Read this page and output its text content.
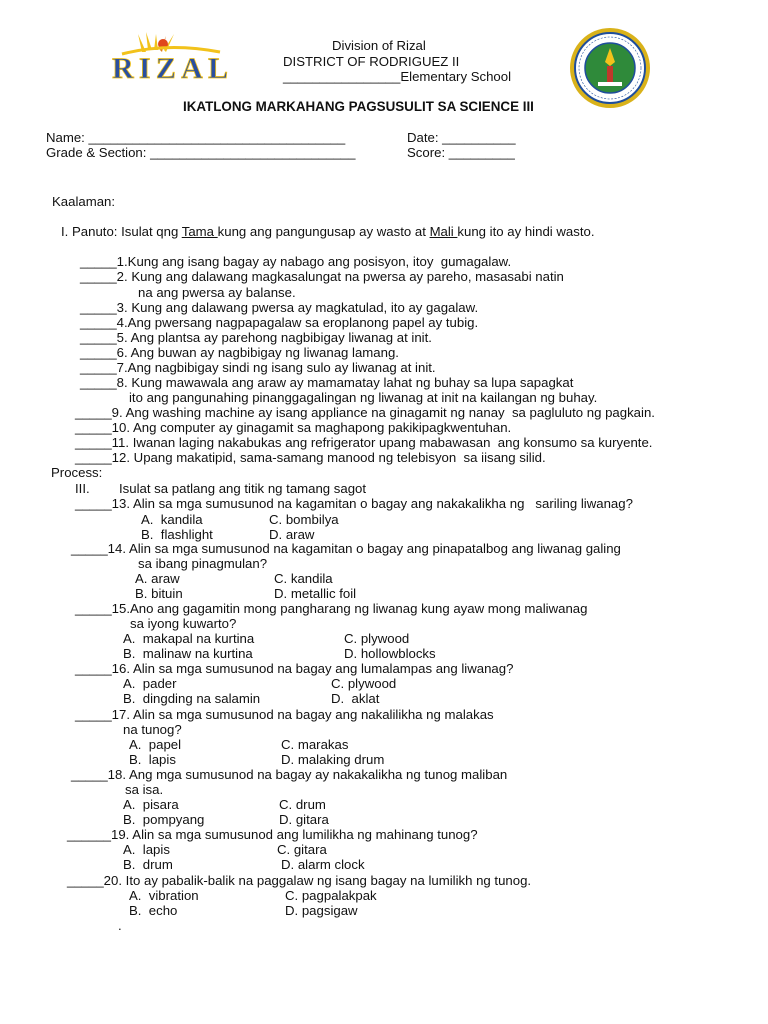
RIZAL
Division of Rizal
DISTRICT OF RODRIGUEZ II
________________Elementary School
IKATLONG MARKAHANG PAGSUSULIT SA SCIENCE III
Name: ___________________________________	Date: __________
Grade & Section: ____________________________	Score: _________
Kaalaman:
I. Panuto: Isulat qng Tama kung ang pangungusap ay wasto at Mali kung ito ay hindi wasto.
_____1.Kung ang isang bagay ay nabago ang posisyon, itoy  gumagalaw.
_____2. Kung ang dalawang magkasalungat na pwersa ay pareho, masasabi natin
na ang pwersa ay balanse.
_____3. Kung ang dalawang pwersa ay magkatulad, ito ay gagalaw.
_____4.Ang pwersang nagpapagalaw sa eroplanong papel ay tubig.
_____5. Ang plantsa ay parehong nagbibigay liwanag at init.
_____6. Ang buwan ay nagbibigay ng liwanag lamang.
_____7.Ang nagbibigay sindi ng isang sulo ay liwanag at init.
_____8. Kung mawawala ang araw ay mamamatay lahat ng buhay sa lupa sapagkat
ito ang pangunahing pinanggagalingan ng liwanag at init na kailangan ng buhay.
_____9. Ang washing machine ay isang appliance na ginagamit ng nanay  sa pagluluto ng pagkain.
_____10. Ang computer ay ginagamit sa maghapong pakikipagkwentuhan.
_____11. Iwanan laging nakabukas ang refrigerator upang mabawasan  ang konsumo sa kuryente.
_____12. Upang makatipid, sama-samang manood ng telebisyon  sa iisang silid.
Process:
III. Isulat sa patlang ang titik ng tamang sagot
_____13. Alin sa mga sumusunod na kagamitan o bagay ang nakakalikha ng   sariling liwanag?
A.  kandila	C. bombilya
B.  flashlight	D. araw
_____14. Alin sa mga sumusunod na kagamitan o bagay ang pinapatalbog ang liwanag galing
sa ibang pinagmulan?
A. araw	C. kandila
B. bituin	D. metallic foil
_____15.Ano ang gagamitin mong pangharang ng liwanag kung ayaw mong maliwanag
sa iyong kuwarto?
A.  makapal na kurtina	C. plywood
B.  malinaw na kurtina	D. hollowblocks
_____16. Alin sa mga sumusunod na bagay ang lumalampas ang liwanag?
A.  pader	C. plywood
B.  dingding na salamin	D.  aklat
_____17. Alin sa mga sumusunod na bagay ang nakalilikha ng malakas
na tunog?
A.  papel	C. marakas
B.  lapis	D. malaking drum
_____18. Ang mga sumusunod na bagay ay nakakalikha ng tunog maliban
sa isa.
A.  pisara	C. drum
B.  pompyang	D. gitara
______19. Alin sa mga sumusunod ang lumilikha ng mahinang tunog?
A.  lapis	C. gitara
B.  drum	D. alarm clock
_____20. Ito ay pabalik-balik na paggalaw ng isang bagay na lumilikh ng tunog.
A.  vibration	C. pagpalakpak
B.  echo	D. pagsigaw
.
